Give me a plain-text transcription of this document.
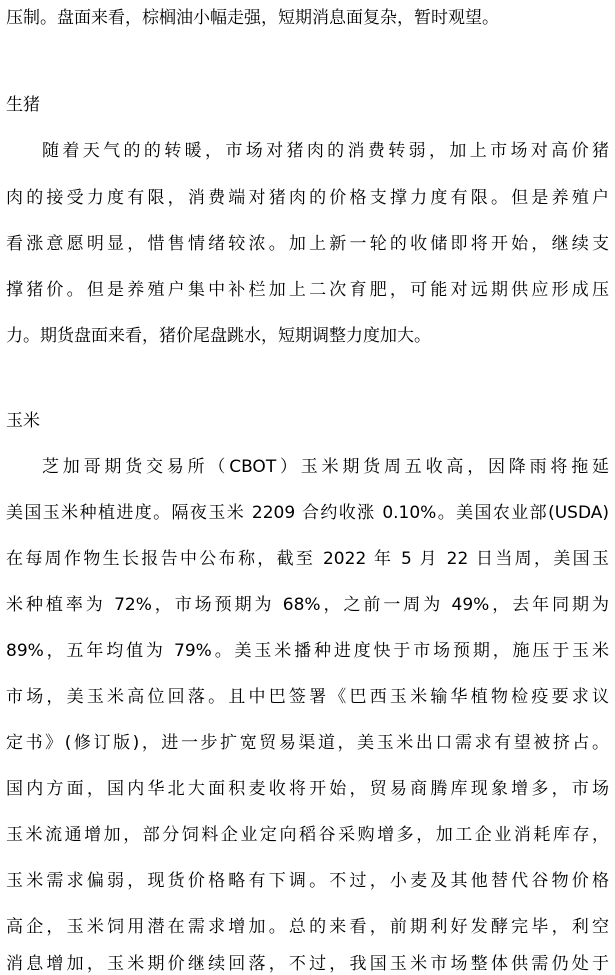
压制。盘面来看，棕榈油小幅走强，短期消息面复杂，暂时观望。
生猪
随着天气的的转暖，市场对猪肉的消费转弱，加上市场对高价猪
肉的接受力度有限，消费端对猪肉的价格支撑力度有限。但是养殖户
看涨意愿明显，惜售情绪较浓。加上新一轮的收储即将开始，继续支
撑猪价。但是养殖户集中补栏加上二次育肥，可能对远期供应形成压
力。期货盘面来看，猪价尾盘跳水，短期调整力度加大。
玉米
芝加哥期货交易所（CBOT）玉米期货周五收高，因降雨将拖延
美国玉米种植进度。隔夜玉米 2209 合约收涨 0.10%。美国农业部(USDA)
在每周作物生长报告中公布称，截至 2022 年 5 月 22 日当周，美国玉
米种植率为 72%，市场预期为 68%，之前一周为 49%，去年同期为
89%，五年均值为 79%。美玉米播种进度快于市场预期，施压于玉米
市场，美玉米高位回落。且中巴签署《巴西玉米输华植物检疫要求议
定书》(修订版)，进一步扩宽贸易渠道，美玉米出口需求有望被挤占。
国内方面，国内华北大面积麦收将开始，贸易商腾库现象增多，市场
玉米流通增加，部分饲料企业定向稻谷采购增多，加工企业消耗库存，
玉米需求偏弱，现货价格略有下调。不过，小麦及其他替代谷物价格
高企，玉米饲用潜在需求增加。总的来看，前期利好发酵完毕，利空
消息增加，玉米期价继续回落，不过，我国玉米市场整体供需仍处于
